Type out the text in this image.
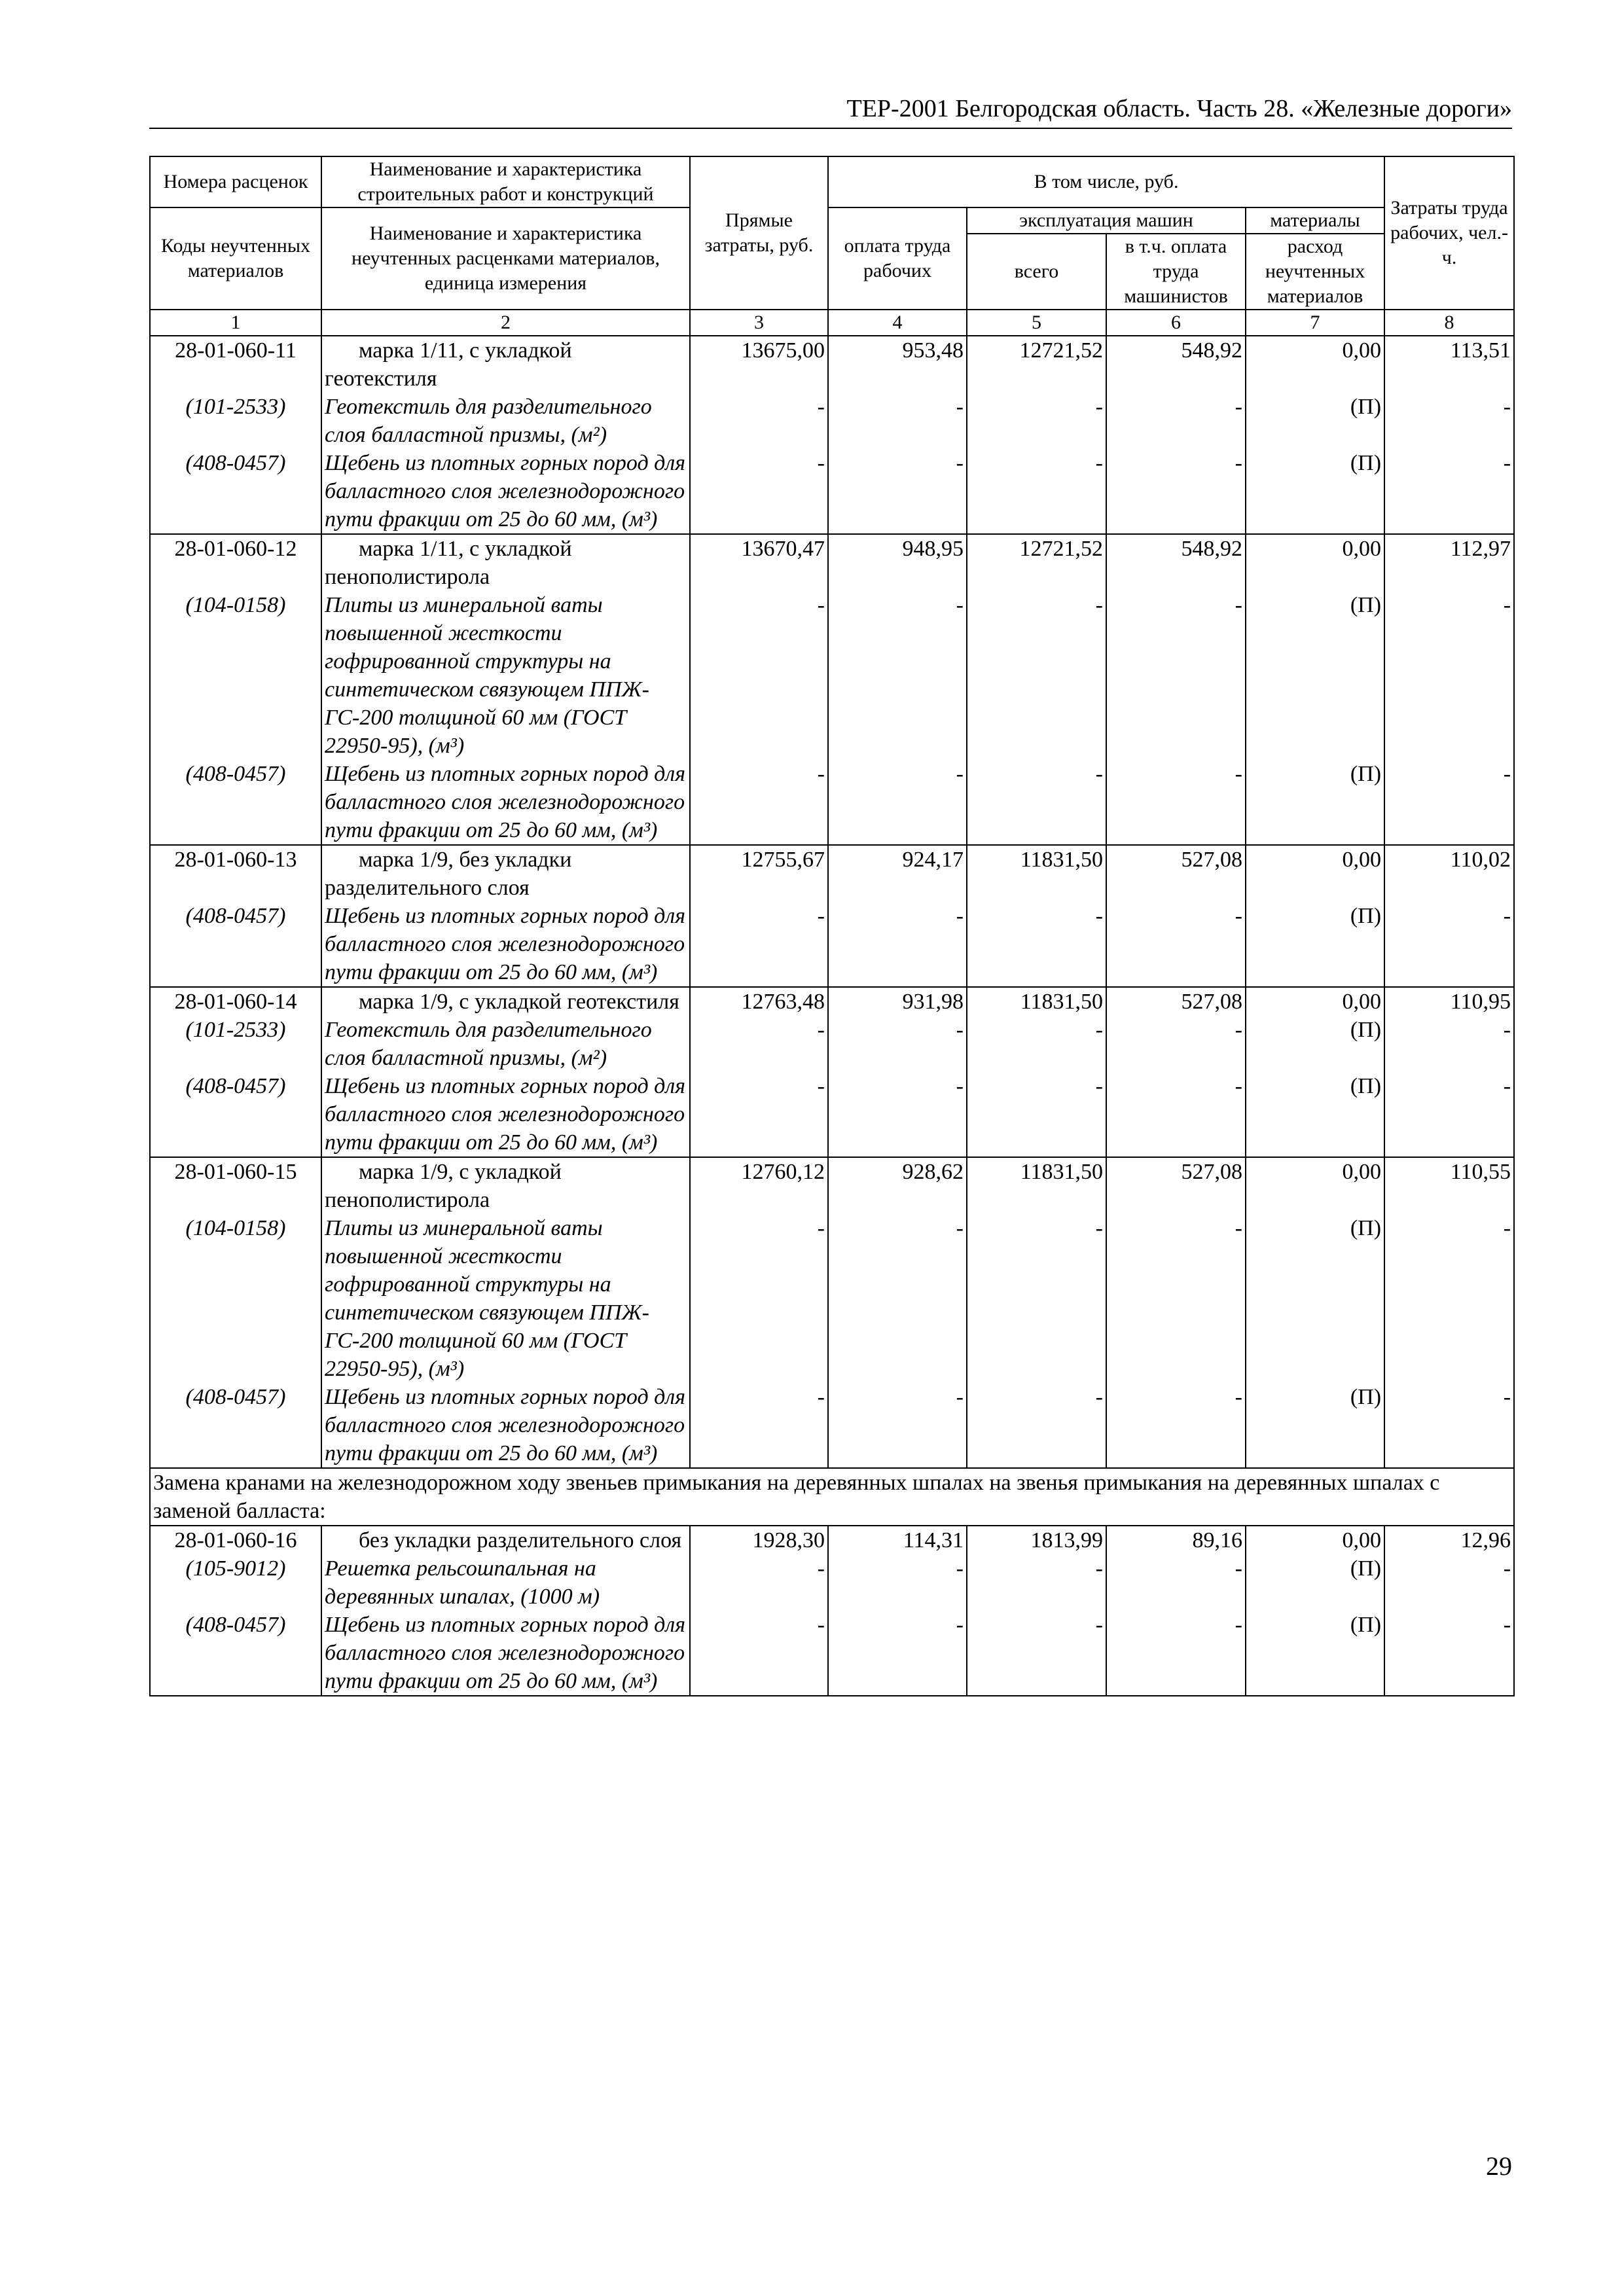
ТЕР-2001 Белгородская область. Часть 28. «Железные дороги»
Номера расценок	Наименование и характеристика строительных работ и конструкций	Прямые затраты, руб.	В том числе, руб.				Затраты труда рабочих, чел.-ч.
Коды неучтенных материалов	Наименование и характеристика неучтенных расценками материалов, единица измерения		оплата труда рабочих	эксплуатация машин		материалы	
				всего	в т.ч. оплата труда машинистов	расход неучтенных материалов	
1	2	3	4	5	6	7	8
28-01-060-11	марка 1/11, с укладкой геотекстиля	13675,00	953,48	12721,52	548,92	0,00	113,51
(101-2533)	Геотекстиль для разделительного слоя балластной призмы, (м²)	-	-	-	-	(П)	-
(408-0457)	Щебень из плотных горных пород для балластного слоя железнодорожного пути фракции от 25 до 60 мм, (м³)	-	-	-	-	(П)	-
28-01-060-12	марка 1/11, с укладкой пенополистирола	13670,47	948,95	12721,52	548,92	0,00	112,97
(104-0158)	Плиты из минеральной ваты повышенной жесткости гофрированной структуры на синтетическом связующем ППЖ-ГС-200 толщиной 60 мм (ГОСТ 22950-95), (м³)	-	-	-	-	(П)	-
(408-0457)	Щебень из плотных горных пород для балластного слоя железнодорожного пути фракции от 25 до 60 мм, (м³)	-	-	-	-	(П)	-
28-01-060-13	марка 1/9, без укладки разделительного слоя	12755,67	924,17	11831,50	527,08	0,00	110,02
(408-0457)	Щебень из плотных горных пород для балластного слоя железнодорожного пути фракции от 25 до 60 мм, (м³)	-	-	-	-	(П)	-
28-01-060-14	марка 1/9, с укладкой геотекстиля	12763,48	931,98	11831,50	527,08	0,00	110,95
(101-2533)	Геотекстиль для разделительного слоя балластной призмы, (м²)	-	-	-	-	(П)	-
(408-0457)	Щебень из плотных горных пород для балластного слоя железнодорожного пути фракции от 25 до 60 мм, (м³)	-	-	-	-	(П)	-
28-01-060-15	марка 1/9, с укладкой пенополистирола	12760,12	928,62	11831,50	527,08	0,00	110,55
(104-0158)	Плиты из минеральной ваты повышенной жесткости гофрированной структуры на синтетическом связующем ППЖ-ГС-200 толщиной 60 мм (ГОСТ 22950-95), (м³)	-	-	-	-	(П)	-
(408-0457)	Щебень из плотных горных пород для балластного слоя железнодорожного пути фракции от 25 до 60 мм, (м³)	-	-	-	-	(П)	-
Замена кранами на железнодорожном ходу звеньев примыкания на деревянных шпалах на звенья примыкания на деревянных шпалах с заменой балласта:							
28-01-060-16	без укладки разделительного слоя	1928,30	114,31	1813,99	89,16	0,00	12,96
(105-9012)	Решетка рельсошпальная на деревянных шпалах, (1000 м)	-	-	-	-	(П)	-
(408-0457)	Щебень из плотных горных пород для балластного слоя железнодорожного пути фракции от 25 до 60 мм, (м³)	-	-	-	-	(П)	-
29
